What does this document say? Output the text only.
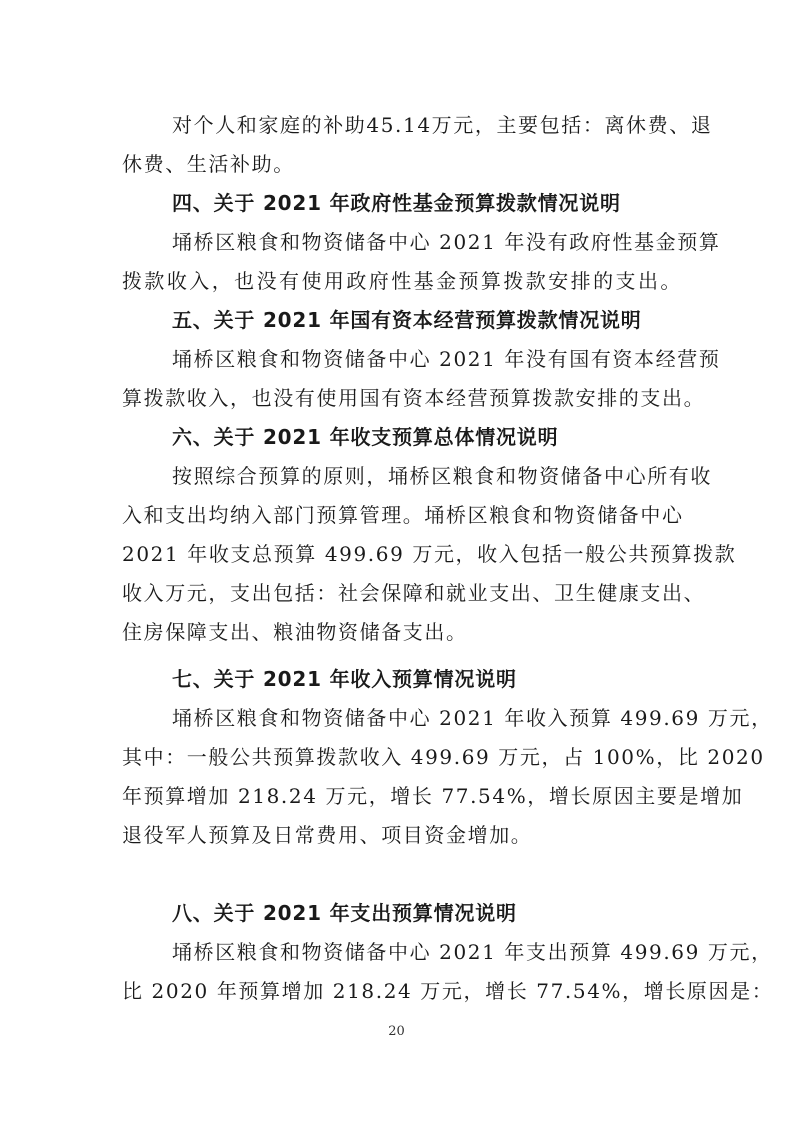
对个人和家庭的补助45.14万元，主要包括：离休费、退
休费、生活补助。
四、关于 2021 年政府性基金预算拨款情况说明
埇桥区粮食和物资储备中心 2021 年没有政府性基金预算
拨款收入，也没有使用政府性基金预算拨款安排的支出。
五、关于 2021 年国有资本经营预算拨款情况说明
埇桥区粮食和物资储备中心 2021 年没有国有资本经营预
算拨款收入，也没有使用国有资本经营预算拨款安排的支出。
六、关于 2021 年收支预算总体情况说明
按照综合预算的原则，埇桥区粮食和物资储备中心所有收
入和支出均纳入部门预算管理。埇桥区粮食和物资储备中心
2021 年收支总预算 499.69 万元，收入包括一般公共预算拨款
收入万元，支出包括：社会保障和就业支出、卫生健康支出、
住房保障支出、粮油物资储备支出。
七、关于 2021 年收入预算情况说明
埇桥区粮食和物资储备中心 2021 年收入预算 499.69 万元，
其中：一般公共预算拨款收入 499.69 万元，占 100%，比 2020
年预算增加 218.24 万元，增长 77.54%，增长原因主要是增加
退役军人预算及日常费用、项目资金增加。
八、关于 2021 年支出预算情况说明
埇桥区粮食和物资储备中心 2021 年支出预算 499.69 万元，
比 2020 年预算增加 218.24 万元，增长 77.54%，增长原因是：
20
